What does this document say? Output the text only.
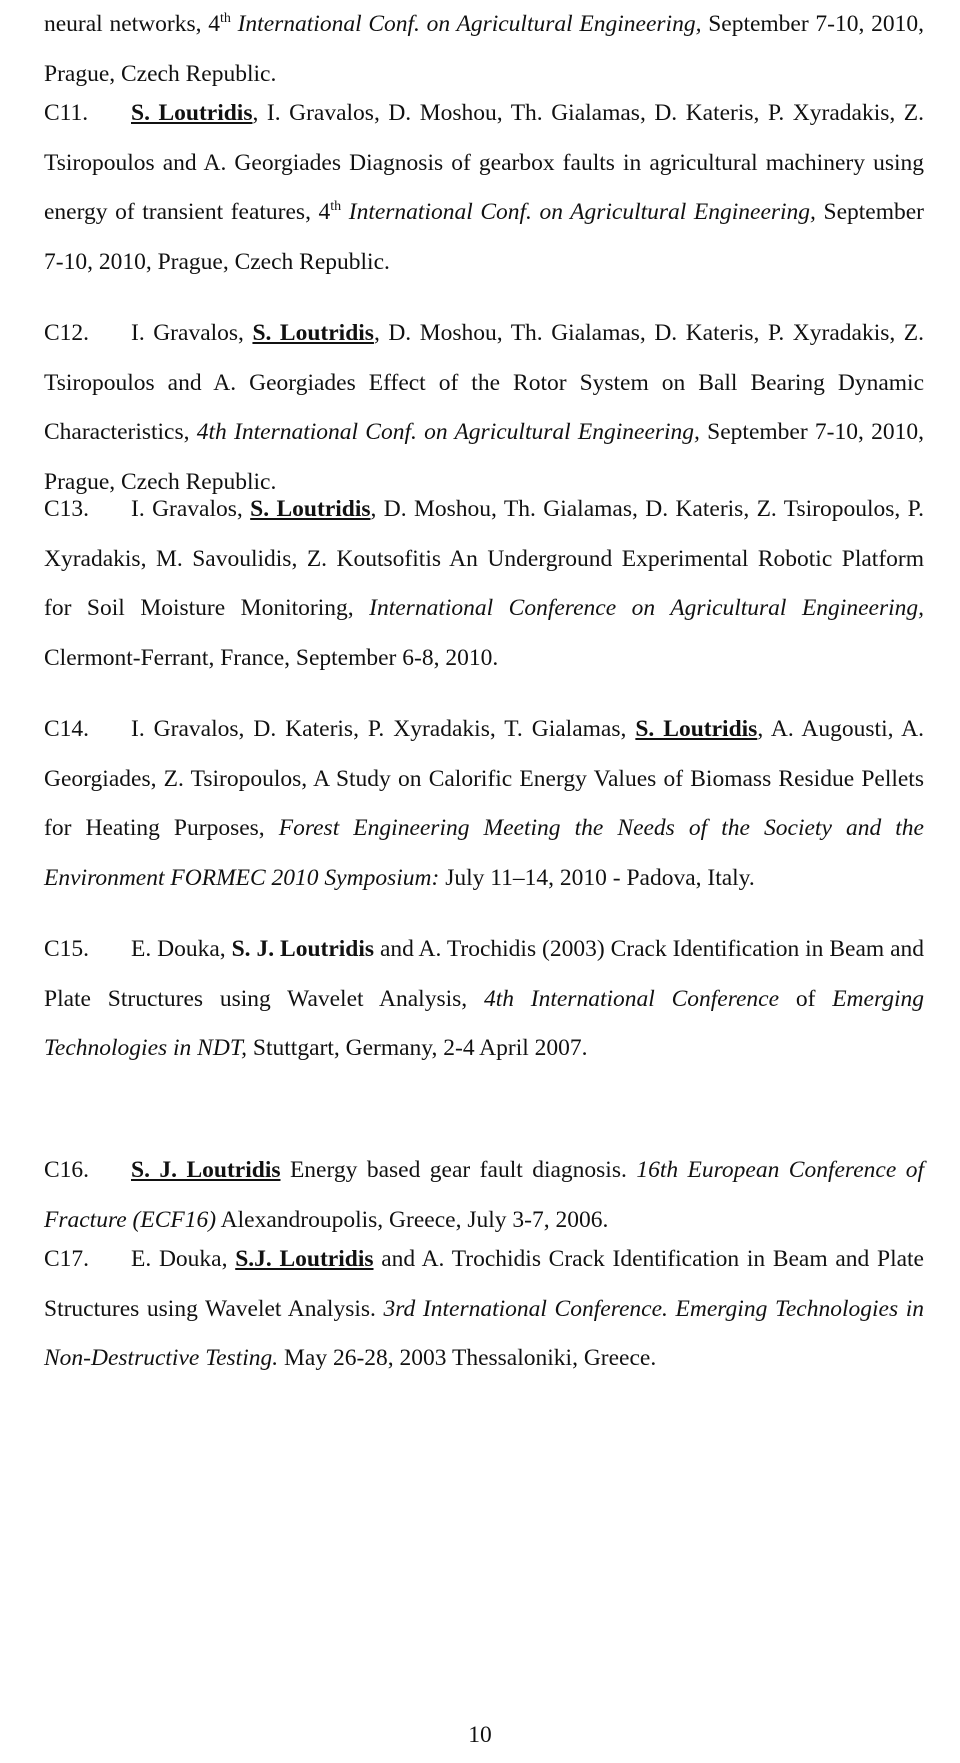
neural networks, 4th International Conf. on Agricultural Engineering, September 7-10, 2010, Prague, Czech Republic.
C11. S. Loutridis, I. Gravalos, D. Moshou, Th. Gialamas, D. Kateris, P. Xyradakis, Z. Tsiropoulos and A. Georgiades Diagnosis of gearbox faults in agricultural machinery using energy of transient features, 4th International Conf. on Agricultural Engineering, September 7-10, 2010, Prague, Czech Republic.
C12. I. Gravalos, S. Loutridis, D. Moshou, Th. Gialamas, D. Kateris, P. Xyradakis, Z. Tsiropoulos and A. Georgiades Effect of the Rotor System on Ball Bearing Dynamic Characteristics, 4th International Conf. on Agricultural Engineering, September 7-10, 2010, Prague, Czech Republic.
C13. I. Gravalos, S. Loutridis, D. Moshou, Th. Gialamas, D. Kateris, Z. Tsiropoulos, P. Xyradakis, M. Savoulidis, Z. Koutsofitis An Underground Experimental Robotic Platform for Soil Moisture Monitoring, International Conference on Agricultural Engineering, Clermont-Ferrant, France, September 6-8, 2010.
C14. I. Gravalos, D. Kateris, P. Xyradakis, T. Gialamas, S. Loutridis, A. Augousti, A. Georgiades, Z. Tsiropoulos, A Study on Calorific Energy Values of Biomass Residue Pellets for Heating Purposes, Forest Engineering Meeting the Needs of the Society and the Environment FORMEC 2010 Symposium: July 11–14, 2010 - Padova, Italy.
C15. E. Douka, S. J. Loutridis and A. Trochidis (2003) Crack Identification in Beam and Plate Structures using Wavelet Analysis, 4th International Conference of Emerging Technologies in NDT, Stuttgart, Germany, 2-4 April 2007.
C16. S. J. Loutridis Energy based gear fault diagnosis. 16th European Conference of Fracture (ECF16) Alexandroupolis, Greece, July 3-7, 2006.
C17. E. Douka, S.J. Loutridis and A. Trochidis Crack Identification in Beam and Plate Structures using Wavelet Analysis. 3rd International Conference. Emerging Technologies in Non-Destructive Testing. May 26-28, 2003 Thessaloniki, Greece.
10
